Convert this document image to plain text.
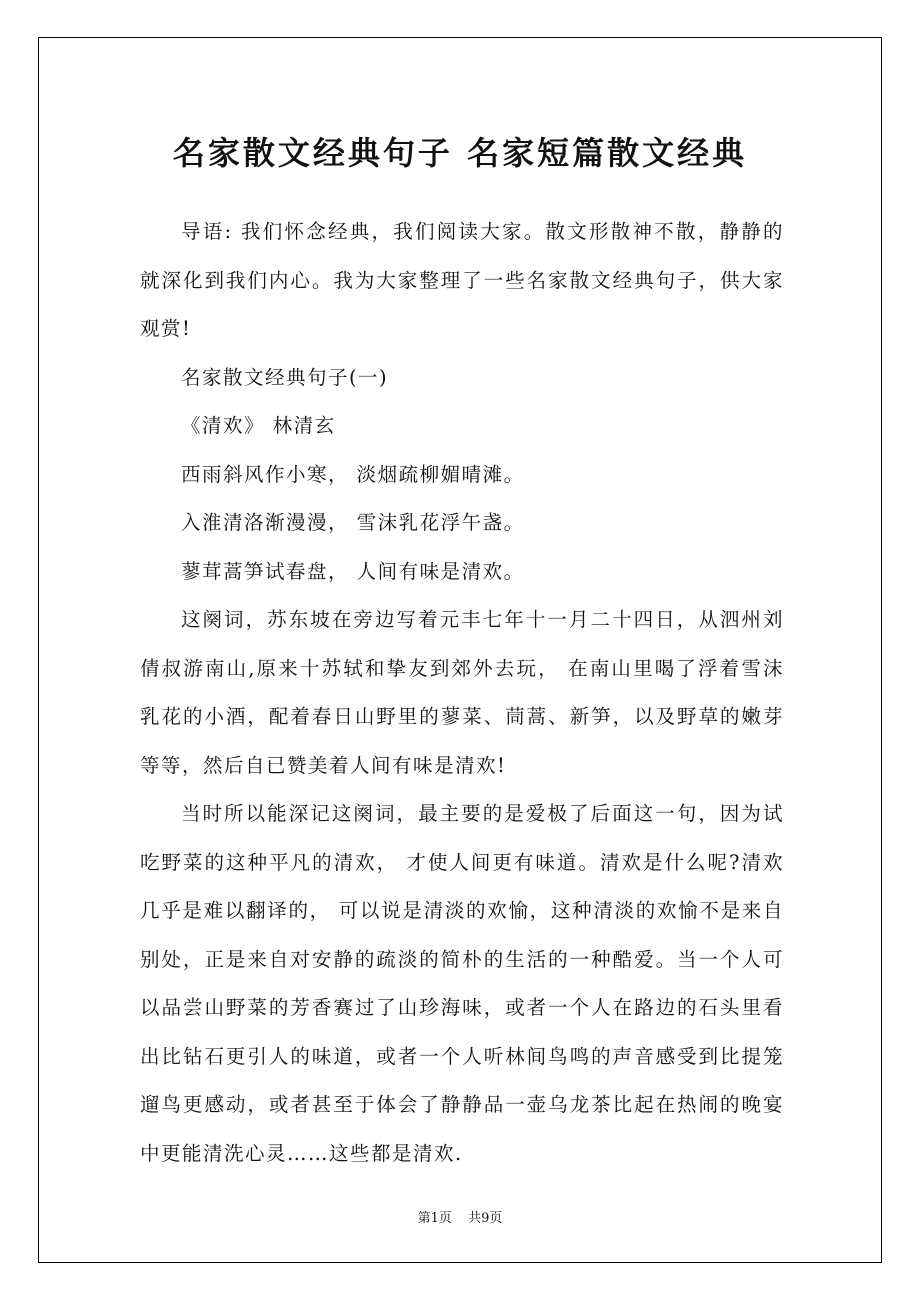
名家散文经典句子 名家短篇散文经典

导语: 我们怀念经典，我们阅读大家。散文形散神不散，静静的就深化到我们内心。我为大家整理了一些名家散文经典句子，供大家观赏!

名家散文经典句子(一)

《清欢》 林清玄

西雨斜风作小寒， 淡烟疏柳媚晴滩。

入淮清洛渐漫漫， 雪沫乳花浮午盏。

蓼茸蒿笋试春盘， 人间有味是清欢。

这阕词，苏东坡在旁边写着元丰七年十一月二十四日，从泗州刘倩叔游南山,原来十苏轼和挚友到郊外去玩， 在南山里喝了浮着雪沫乳花的小酒，配着春日山野里的蓼菜、茼蒿、新笋，以及野草的嫩芽等等，然后自已赞美着人间有味是清欢!

当时所以能深记这阕词，最主要的是爱极了后面这一句，因为试吃野菜的这种平凡的清欢， 才使人间更有味道。清欢是什么呢?清欢几乎是难以翻译的， 可以说是清淡的欢愉，这种清淡的欢愉不是来自别处，正是来自对安静的疏淡的简朴的生活的一种酷爱。当一个人可以品尝山野菜的芳香赛过了山珍海味，或者一个人在路边的石头里看出比钻石更引人的味道，或者一个人听林间鸟鸣的声音感受到比提笼遛鸟更感动，或者甚至于体会了静静品一壶乌龙茶比起在热闹的晚宴中更能清洗心灵……这些都是清欢.

第1页 共9页
